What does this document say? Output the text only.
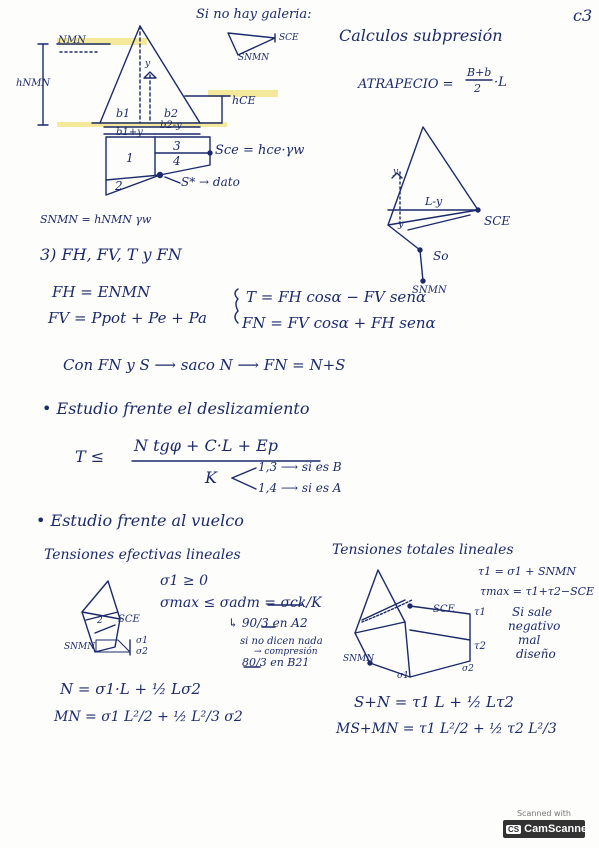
NMN
hNMN
Si no hay galeria:
SCE
SNMN
y
b1	b2
hCE
b1+y
b2-y
1
3
4
2
Sce = hce·γw
S* → dato
SNMN = hNMN γw
Calculos subpresión
ATRAPECIO =
B+b
2 ·L
y
L-y
y	SCE
So
SNMN
3) FH, FV, T y FN
FH = ENMN
FV = Ppot + Pe + Pa
T = FH cosα − FV senα
FN = FV cosα + FH senα
Con FN y S ⟶ saco N ⟶ FN = N+S
• Estudio frente el deslizamiento
T ≤
N tgφ + C·L + Ep
K
1,3 ⟶ si es B
1,4 ⟶ si es A
• Estudio frente al vuelco
Tensiones efectivas lineales
σ1 ≥ 0
σmax ≤ σadm = σck/K
↳ 90/3 en A2
si no dicen nada
→ compresión
80/3 en B21
SCE
SNMN
σ1
σ2
2
N = σ1·L + ½ Lσ2
MN = σ1 L²/2 + ½ L²/3 σ2
Tensiones totales lineales
τ1 = σ1 + SNMN
τmax = τ1+τ2−SCE
Si sale
negativo
mal
diseño
SCE
SNMN
τ1
τ2
σ1
σ2
S+N = τ1 L + ½ Lτ2
MS+MN = τ1 L²/2 + ½ τ2 L²/3
c3
Scanned with
CS CamScanner
